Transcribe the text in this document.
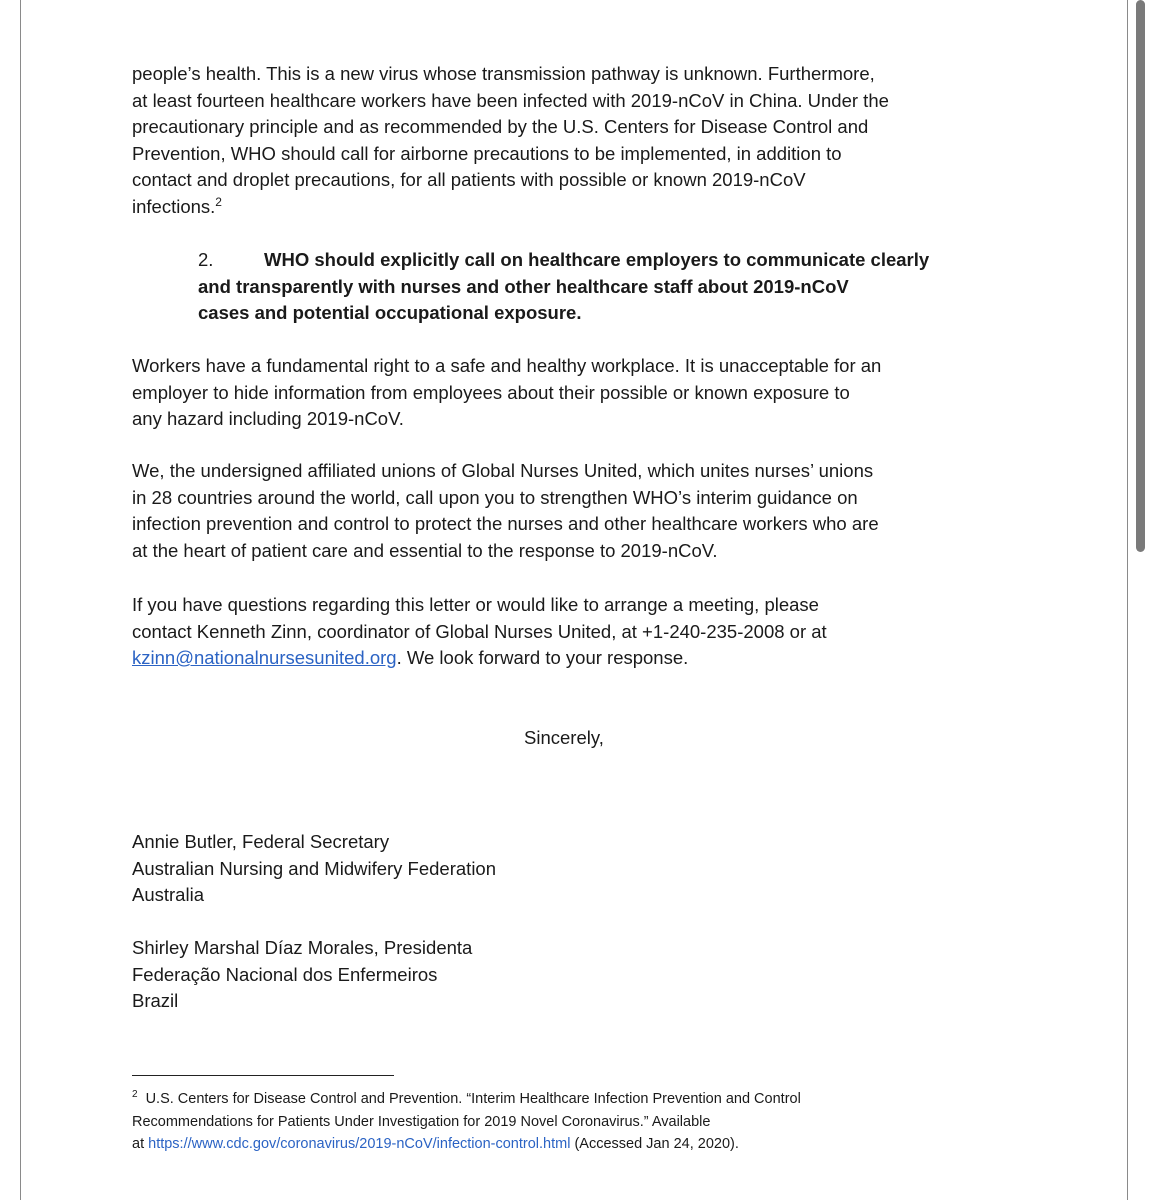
people’s health. This is a new virus whose transmission pathway is unknown. Furthermore,
at least fourteen healthcare workers have been infected with 2019-nCoV in China. Under the
precautionary principle and as recommended by the U.S. Centers for Disease Control and
Prevention, WHO should call for airborne precautions to be implemented, in addition to
contact and droplet precautions, for all patients with possible or known 2019-nCoV
infections.$^2$

2.	WHO should explicitly call on healthcare employers to communicate clearly
and transparently with nurses and other healthcare staff about 2019-nCoV
cases and potential occupational exposure.

Workers have a fundamental right to a safe and healthy workplace. It is unacceptable for an
employer to hide information from employees about their possible or known exposure to
any hazard including 2019-nCoV.

We, the undersigned affiliated unions of Global Nurses United, which unites nurses’ unions
in 28 countries around the world, call upon you to strengthen WHO’s interim guidance on
infection prevention and control to protect the nurses and other healthcare workers who are
at the heart of patient care and essential to the response to 2019-nCoV.

If you have questions regarding this letter or would like to arrange a meeting, please
contact Kenneth Zinn, coordinator of Global Nurses United, at +1-240-235-2008 or at
kzinn@nationalnursesunited.org. We look forward to your response.

Sincerely,
Annie Butler, Federal Secretary
Australian Nursing and Midwifery Federation
Australia
Shirley Marshal Díaz Morales, Presidenta
Federação Nacional dos Enfermeiros
Brazil
$^2$ U.S. Centers for Disease Control and Prevention. “Interim Healthcare Infection Prevention and Control
Recommendations for Patients Under Investigation for 2019 Novel Coronavirus.” Available
at https://www.cdc.gov/coronavirus/2019-nCoV/infection-control.html (Accessed Jan 24, 2020).
